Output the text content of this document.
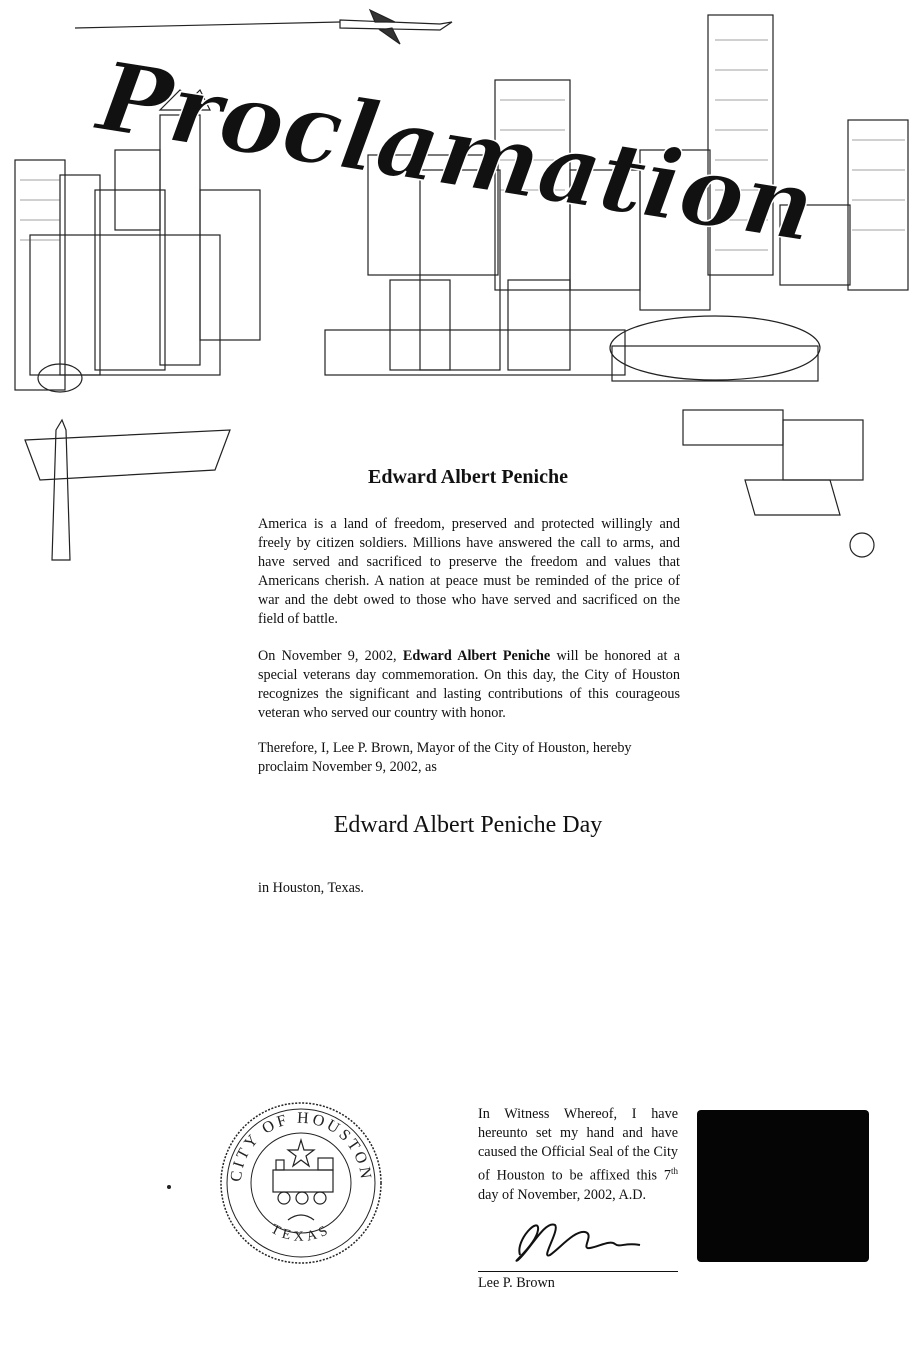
Proclamation
Edward Albert Peniche
America is a land of freedom, preserved and protected willingly and freely by citizen soldiers. Millions have answered the call to arms, and have served and sacrificed to preserve the freedom and values that Americans cherish. A nation at peace must be reminded of the price of war and the debt owed to those who have served and sacrificed on the field of battle.
On November 9, 2002, Edward Albert Peniche will be honored at a special veterans day commemoration. On this day, the City of Houston recognizes the significant and lasting contributions of this courageous veteran who served our country with honor.
Therefore, I, Lee P. Brown, Mayor of the City of Houston, hereby proclaim November 9, 2002, as
Edward Albert Peniche Day
in Houston, Texas.
CITY OF HOUSTON
TEXAS
In Witness Whereof, I have hereunto set my hand and have caused the Official Seal of the City of Houston to be affixed this 7th day of November, 2002, A.D.
Lee P. Brown
